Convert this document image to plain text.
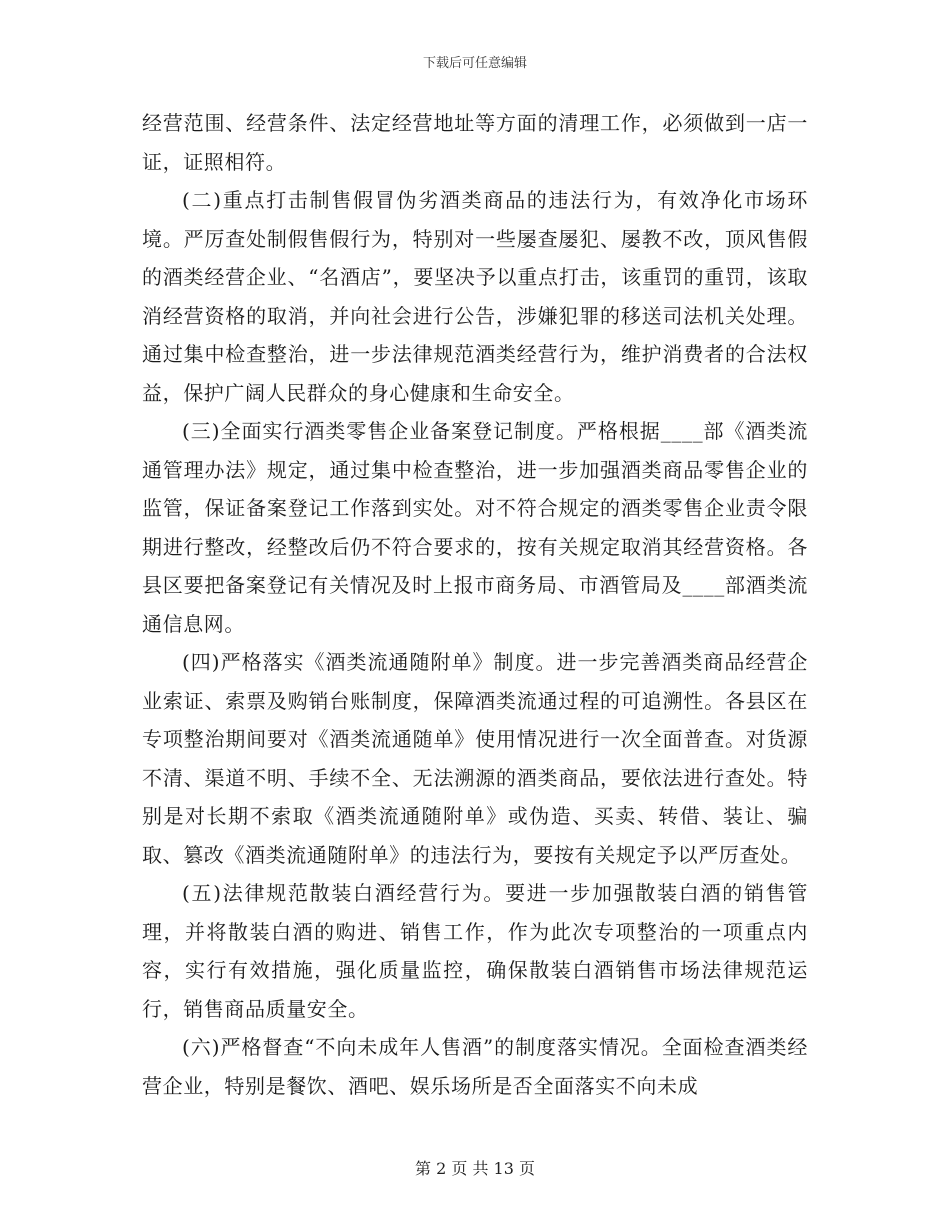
下载后可任意编辑

经营范围、经营条件、法定经营地址等方面的清理工作，必须做到一店一证，证照相符。

(二)重点打击制售假冒伪劣酒类商品的违法行为，有效净化市场环境。严厉查处制假售假行为，特别对一些屡查屡犯、屡教不改，顶风售假的酒类经营企业、“名酒店”，要坚决予以重点打击，该重罚的重罚，该取消经营资格的取消，并向社会进行公告，涉嫌犯罪的移送司法机关处理。通过集中检查整治，进一步法律规范酒类经营行为，维护消费者的合法权益，保护广阔人民群众的身心健康和生命安全。

(三)全面实行酒类零售企业备案登记制度。严格根据____部《酒类流通管理办法》规定，通过集中检查整治，进一步加强酒类商品零售企业的监管，保证备案登记工作落到实处。对不符合规定的酒类零售企业责令限期进行整改，经整改后仍不符合要求的，按有关规定取消其经营资格。各县区要把备案登记有关情况及时上报市商务局、市酒管局及____部酒类流通信息网。

(四)严格落实《酒类流通随附单》制度。进一步完善酒类商品经营企业索证、索票及购销台账制度，保障酒类流通过程的可追溯性。各县区在专项整治期间要对《酒类流通随单》使用情况进行一次全面普查。对货源不清、渠道不明、手续不全、无法溯源的酒类商品，要依法进行查处。特别是对长期不索取《酒类流通随附单》或伪造、买卖、转借、装让、骗取、篡改《酒类流通随附单》的违法行为，要按有关规定予以严厉查处。

(五)法律规范散装白酒经营行为。要进一步加强散装白酒的销售管理，并将散装白酒的购进、销售工作，作为此次专项整治的一项重点内容，实行有效措施，强化质量监控，确保散装白酒销售市场法律规范运行，销售商品质量安全。

(六)严格督查“不向未成年人售酒”的制度落实情况。全面检查酒类经营企业，特别是餐饮、酒吧、娱乐场所是否全面落实不向未成

第 2 页 共 13 页
